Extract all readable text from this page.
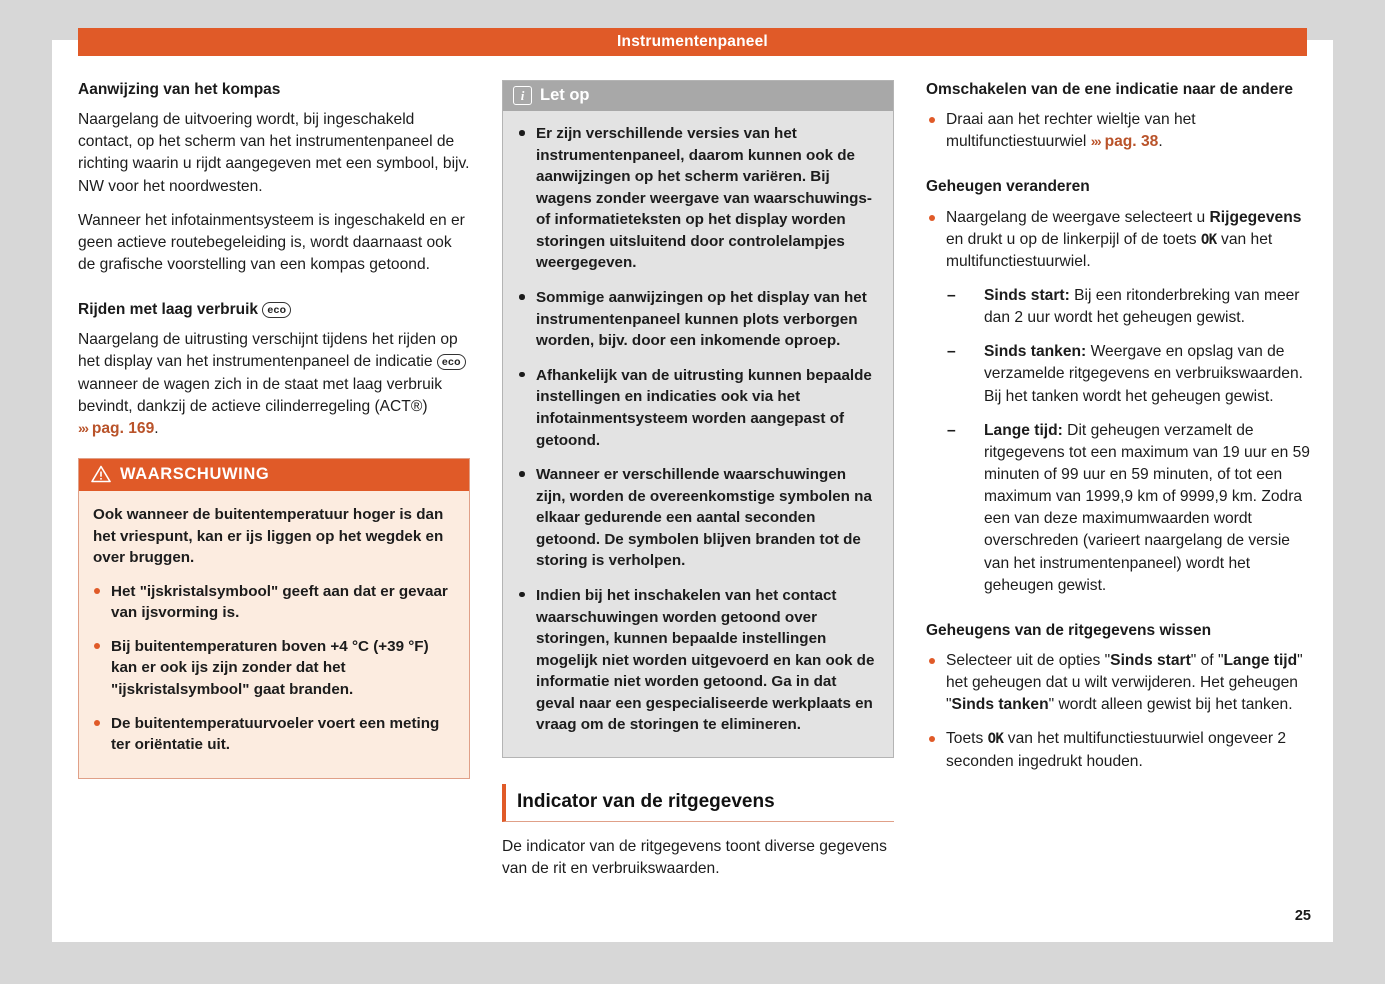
Aanwijzing van het kompas

Naargelang de uitvoering wordt, bij ingeschakeld contact, op het scherm van het instrumentenpaneel de richting waarin u rijdt aangegeven met een symbool, bijv. NW voor het noordwesten.

Wanneer het infotainmentsysteem is ingeschakeld en er geen actieve routebegeleiding is, wordt daarnaast ook de grafische voorstelling van een kompas getoond.

Rijden met laag verbruik eco

Naargelang de uitrusting verschijnt tijdens het rijden op het display van het instrumentenpaneel de indicatie eco wanneer de wagen zich in de staat met laag verbruik bevindt, dankzij de actieve cilinderregeling (ACT®) ››› pag. 169.

WAARSCHUWING

Ook wanneer de buitentemperatuur hoger is dan het vriespunt, kan er ijs liggen op het wegdek en over bruggen.

Het "ijskristalsymbool" geeft aan dat er gevaar van ijsvorming is.

Bij buitentemperaturen boven +4 °C (+39 °F) kan er ook ijs zijn zonder dat het "ijskristalsymbool" gaat branden.

De buitentemperatuurvoeler voert een meting ter oriëntatie uit.

i Let op

Er zijn verschillende versies van het instrumentenpaneel, daarom kunnen ook de aanwijzingen op het scherm variëren. Bij wagens zonder weergave van waarschuwings- of informatieteksten op het display worden storingen uitsluitend door controlelampjes weergegeven.

Sommige aanwijzingen op het display van het instrumentenpaneel kunnen plots verborgen worden, bijv. door een inkomende oproep.

Afhankelijk van de uitrusting kunnen bepaalde instellingen en indicaties ook via het infotainmentsysteem worden aangepast of getoond.

Wanneer er verschillende waarschuwingen zijn, worden de overeenkomstige symbolen na elkaar gedurende een aantal seconden getoond. De symbolen blijven branden tot de storing is verholpen.

Indien bij het inschakelen van het contact waarschuwingen worden getoond over storingen, kunnen bepaalde instellingen mogelijk niet worden uitgevoerd en kan ook de informatie niet worden getoond. Ga in dat geval naar een gespecialiseerde werkplaats en vraag om de storingen te elimineren.

Indicator van de ritgegevens

De indicator van de ritgegevens toont diverse gegevens van de rit en verbruikswaarden.

Omschakelen van de ene indicatie naar de andere

Draai aan het rechter wieltje van het multifunctiestuurwiel ››› pag. 38.

Geheugen veranderen

Naargelang de weergave selecteert u Rijgegevens en drukt u op de linkerpijl of de toets OK van het multifunctiestuurwiel.

– Sinds start: Bij een ritonderbreking van meer dan 2 uur wordt het geheugen gewist.

– Sinds tanken: Weergave en opslag van de verzamelde ritgegevens en verbruikswaarden. Bij het tanken wordt het geheugen gewist.

– Lange tijd: Dit geheugen verzamelt de ritgegevens tot een maximum van 19 uur en 59 minuten of 99 uur en 59 minuten, of tot een maximum van 1999,9 km of 9999,9 km. Zodra een van deze maximumwaarden wordt overschreden (varieert naargelang de versie van het instrumentenpaneel) wordt het geheugen gewist.

Geheugens van de ritgegevens wissen

Selecteer uit de opties "Sinds start" of "Lange tijd" het geheugen dat u wilt verwijderen. Het geheugen "Sinds tanken" wordt alleen gewist bij het tanken.

Toets OK van het multifunctiestuurwiel ongeveer 2 seconden ingedrukt houden.

25
Instrumentenpaneel
